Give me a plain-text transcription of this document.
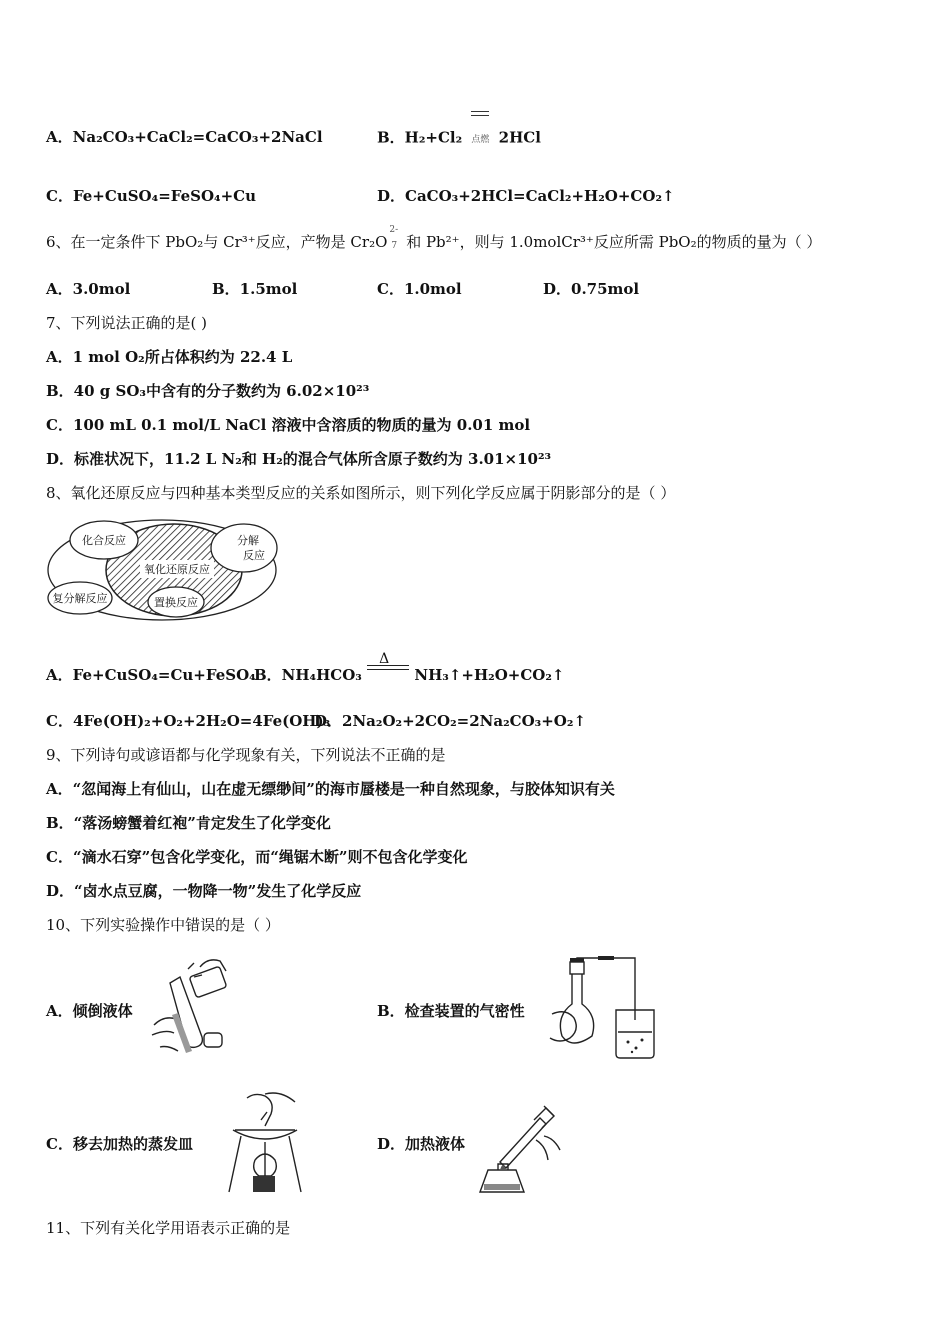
A．Na₂CO₃+CaCl₂=CaCO₃+2NaCl	B．H₂+Cl₂ 点燃 2HCl
C．Fe+CuSO₄=FeSO₄+Cu	D．CaCO₃+2HCl=CaCl₂+H₂O+CO₂↑
6、在一定条件下 PbO₂与 Cr³⁺反应，产物是 Cr₂O
2-
7 和 Pb²⁺，则与 1.0molCr³⁺反应所需 PbO₂的物质的量为（ ）
A．3.0mol	B．1.5mol	C．1.0mol	D．0.75mol
7、下列说法正确的是( )
A．1 mol O₂所占体积约为 22.4 L
B．40 g SO₃中含有的分子数约为 6.02×10²³
C．100 mL 0.1 mol/L NaCl 溶液中含溶质的物质的量为 0.01 mol
D．标准状况下，11.2 L N₂和 H₂的混合气体所含原子数约为 3.01×10²³
8、氧化还原反应与四种基本类型反应的关系如图所示，则下列化学反应属于阴影部分的是（ ）
化合反应	分解
反应
氧化还原反应
复分解反应	置换反应
A．Fe+CuSO₄=Cu+FeSO₄
B．NH₄HCO₃
Δ
NH₃↑+H₂O+CO₂↑
C．4Fe(OH)₂+O₂+2H₂O=4Fe(OH)₃
D．2Na₂O₂+2CO₂=2Na₂CO₃+O₂↑
9、下列诗句或谚语都与化学现象有关，下列说法不正确的是
A．“忽闻海上有仙山，山在虚无缥缈间”的海市蜃楼是一种自然现象，与胶体知识有关
B．“落汤螃蟹着红袍”肯定发生了化学变化
C．“滴水石穿”包含化学变化，而“绳锯木断”则不包含化学变化
D．“卤水点豆腐，一物降一物”发生了化学反应
10、下列实验操作中错误的是（ ）
A．倾倒液体	B．检查装置的气密性
C．移去加热的蒸发皿	D．加热液体
11、下列有关化学用语表示正确的是
